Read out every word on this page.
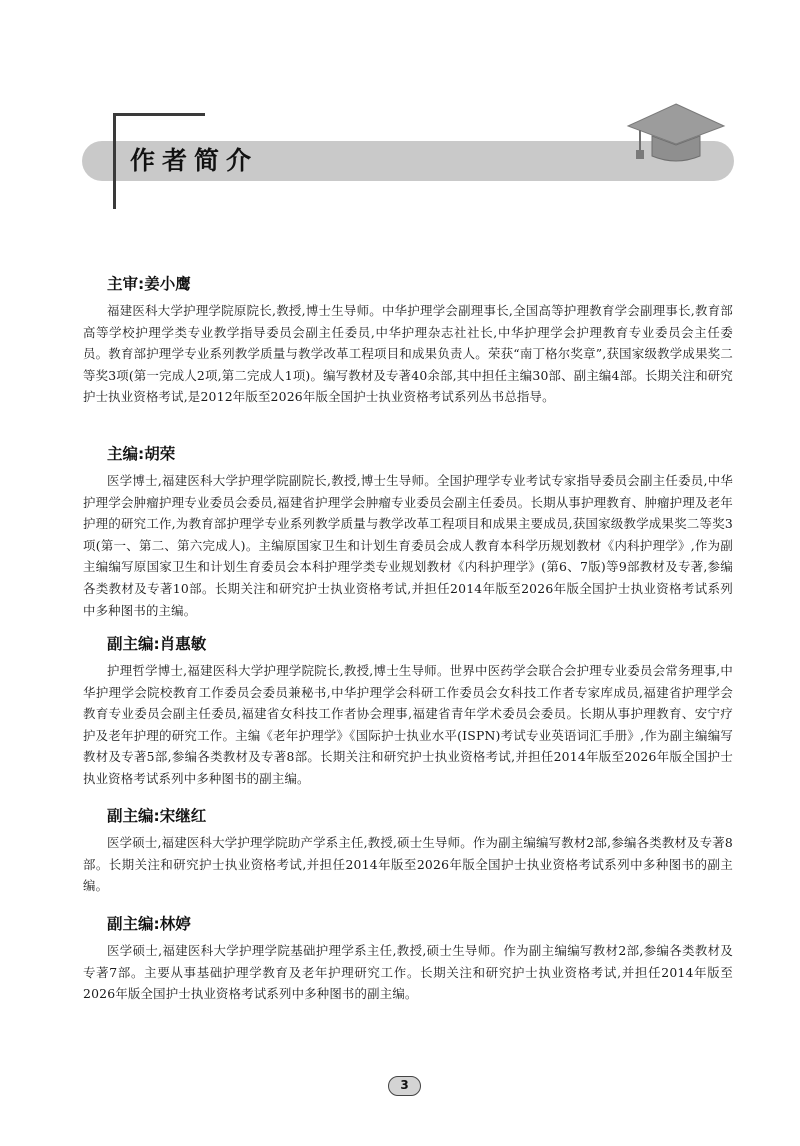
作者简介
主审:姜小鹰

福建医科大学护理学院原院长,教授,博士生导师。中华护理学会副理事长,全国高等护理教育学会副理事长,教育部高等学校护理学类专业教学指导委员会副主任委员,中华护理杂志社社长,中华护理学会护理教育专业委员会主任委员。教育部护理学专业系列教学质量与教学改革工程项目和成果负责人。荣获“南丁格尔奖章”,获国家级教学成果奖二等奖3项(第一完成人2项,第二完成人1项)。编写教材及专著40余部,其中担任主编30部、副主编4部。长期关注和研究护士执业资格考试,是2012年版至2026年版全国护士执业资格考试系列丛书总指导。

主编:胡荣

医学博士,福建医科大学护理学院副院长,教授,博士生导师。全国护理学专业考试专家指导委员会副主任委员,中华护理学会肿瘤护理专业委员会委员,福建省护理学会肿瘤专业委员会副主任委员。长期从事护理教育、肿瘤护理及老年护理的研究工作,为教育部护理学专业系列教学质量与教学改革工程项目和成果主要成员,获国家级教学成果奖二等奖3项(第一、第二、第六完成人)。主编原国家卫生和计划生育委员会成人教育本科学历规划教材《内科护理学》,作为副主编编写原国家卫生和计划生育委员会本科护理学类专业规划教材《内科护理学》(第6、7版)等9部教材及专著,参编各类教材及专著10部。长期关注和研究护士执业资格考试,并担任2014年版至2026年版全国护士执业资格考试系列中多种图书的主编。

副主编:肖惠敏

护理哲学博士,福建医科大学护理学院院长,教授,博士生导师。世界中医药学会联合会护理专业委员会常务理事,中华护理学会院校教育工作委员会委员兼秘书,中华护理学会科研工作委员会女科技工作者专家库成员,福建省护理学会教育专业委员会副主任委员,福建省女科技工作者协会理事,福建省青年学术委员会委员。长期从事护理教育、安宁疗护及老年护理的研究工作。主编《老年护理学》《国际护士执业水平(ISPN)考试专业英语词汇手册》,作为副主编编写教材及专著5部,参编各类教材及专著8部。长期关注和研究护士执业资格考试,并担任2014年版至2026年版全国护士执业资格考试系列中多种图书的副主编。

副主编:宋继红

医学硕士,福建医科大学护理学院助产学系主任,教授,硕士生导师。作为副主编编写教材2部,参编各类教材及专著8部。长期关注和研究护士执业资格考试,并担任2014年版至2026年版全国护士执业资格考试系列中多种图书的副主编。

副主编:林婷

医学硕士,福建医科大学护理学院基础护理学系主任,教授,硕士生导师。作为副主编编写教材2部,参编各类教材及专著7部。主要从事基础护理学教育及老年护理研究工作。长期关注和研究护士执业资格考试,并担任2014年版至2026年版全国护士执业资格考试系列中多种图书的副主编。

3
